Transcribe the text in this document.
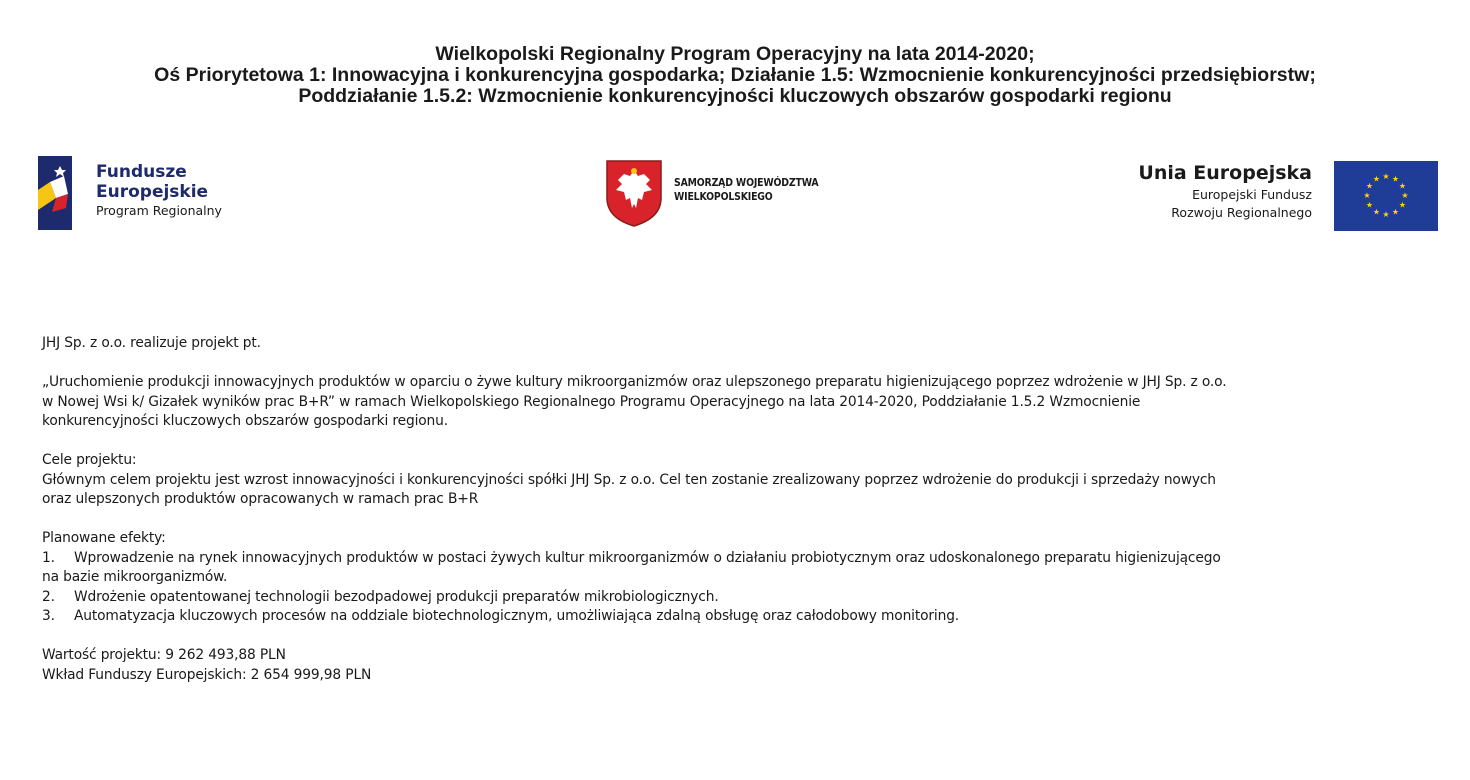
Wielkopolski Regionalny Program Operacyjny na lata 2014-2020;
Oś Priorytetowa 1: Innowacyjna i konkurencyjna gospodarka; Działanie 1.5: Wzmocnienie konkurencyjności przedsiębiorstw;
Poddziałanie 1.5.2: Wzmocnienie konkurencyjności kluczowych obszarów gospodarki regionu
Fundusze
Europejskie
Program Regionalny
SAMORZĄD WOJEWÓDZTWA
WIELKOPOLSKIEGO
Unia Europejska
Europejski Fundusz
Rozwoju Regionalnego
★ ★
★
★
★
★
★
★
★
★
★
★

JHJ Sp. z o.o. realizuje projekt pt.

„Uruchomienie produkcji innowacyjnych produktów w oparciu o żywe kultury mikroorganizmów oraz ulepszonego preparatu higienizującego poprzez wdrożenie w JHJ Sp. z o.o.

w Nowej Wsi k/ Gizałek wyników prac B+R” w ramach Wielkopolskiego Regionalnego Programu Operacyjnego na lata 2014-2020, Poddziałanie 1.5.2 Wzmocnienie

konkurencyjności kluczowych obszarów gospodarki regionu.

Cele projektu:

Głównym celem projektu jest wzrost innowacyjności i konkurencyjności spółki JHJ Sp. z o.o. Cel ten zostanie zrealizowany poprzez wdrożenie do produkcji i sprzedaży nowych

oraz ulepszonych produktów opracowanych w ramach prac B+R

Planowane efekty:

1.	Wprowadzenie na rynek innowacyjnych produktów w postaci żywych kultur mikroorganizmów o działaniu probiotycznym oraz udoskonalonego preparatu higienizującego

na bazie mikroorganizmów.

2.	Wdrożenie opatentowanej technologii bezodpadowej produkcji preparatów mikrobiologicznych.
3.	Automatyzacja kluczowych procesów na oddziale biotechnologicznym, umożliwiająca zdalną obsługę oraz całodobowy monitoring.

Wartość projektu: 9 262 493,88 PLN

Wkład Funduszy Europejskich: 2 654 999,98 PLN
